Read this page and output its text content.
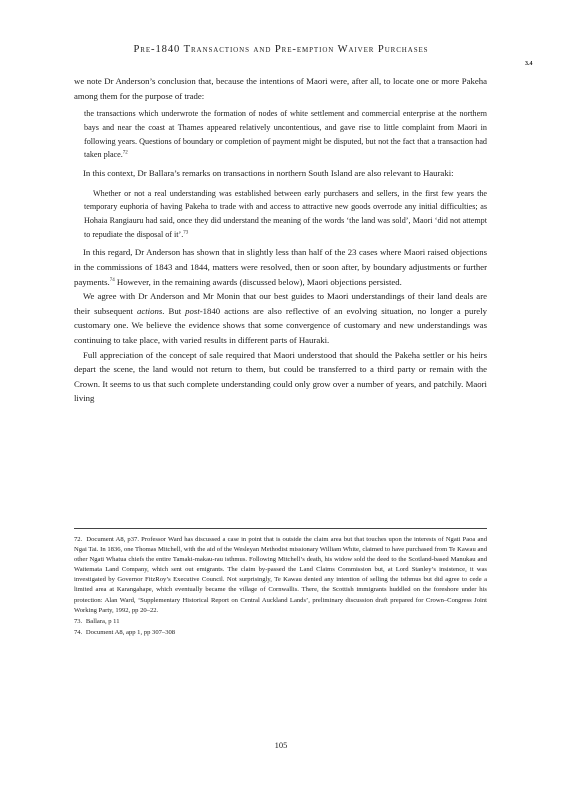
Pre-1840 Transactions and Pre-emption Waiver Purchases
3.4

we note Dr Anderson’s conclusion that, because the intentions of Maori were, after all, to locate one or more Pakeha among them for the purpose of trade:

the transactions which underwrote the formation of nodes of white settlement and commercial enterprise at the northern bays and near the coast at Thames appeared relatively uncontentious, and gave rise to little complaint from Maori in following years. Questions of boundary or completion of payment might be disputed, but not the fact that a transaction had taken place.$^{72}$

In this context, Dr Ballara’s remarks on transactions in northern South Island are also relevant to Hauraki:

Whether or not a real understanding was established between early purchasers and sellers, in the first few years the temporary euphoria of having Pakeha to trade with and access to attractive new goods overrode any initial difficulties; as Hohaia Rangiauru had said, once they did understand the meaning of the words ‘the land was sold’, Maori ‘did not attempt to repudiate the disposal of it’.$^{73}$

In this regard, Dr Anderson has shown that in slightly less than half of the 23 cases where Maori raised objections in the commissions of 1843 and 1844, matters were resolved, then or soon after, by boundary adjustments or further payments.$^{74}$ However, in the remaining awards (discussed below), Maori objections persisted.

We agree with Dr Anderson and Mr Monin that our best guides to Maori understandings of their land deals are their subsequent actions. But post-1840 actions are also reflective of an evolving situation, no longer a purely customary one. We believe the evidence shows that some convergence of customary and new understandings was continuing to take place, with varied results in different parts of Hauraki.

Full appreciation of the concept of sale required that Maori understood that should the Pakeha settler or his heirs depart the scene, the land would not return to them, but could be transferred to a third party or remain with the Crown. It seems to us that such complete understanding could only grow over a number of years, and patchily. Maori living

72. Document A8, p37. Professor Ward has discussed a case in point that is outside the claim area but that touches upon the interests of Ngati Paoa and Ngai Tai. In 1836, one Thomas Mitchell, with the aid of the Wesleyan Methodist missionary William White, claimed to have purchased from Te Kawau and other Ngati Whatua chiefs the entire Tamaki-makau-rau isthmus. Following Mitchell’s death, his widow sold the deed to the Scotland-based Manukau and Waitemata Land Company, which sent out emigrants. The claim by-passed the Land Claims Commission but, at Lord Stanley’s insistence, it was investigated by Governor FitzRoy’s Executive Council. Not surprisingly, Te Kawau denied any intention of selling the isthmus but did agree to cede a limited area at Karangahape, which eventually became the village of Cornwallis. There, the Scottish immigrants huddled on the foreshore under his protection: Alan Ward, ‘Supplementary Historical Report on Central Auckland Lands’, preliminary discussion draft prepared for Crown–Congress Joint Working Party, 1992, pp 20–22.

73. Ballara, p 11

74. Document A8, app 1, pp 307–308

105
